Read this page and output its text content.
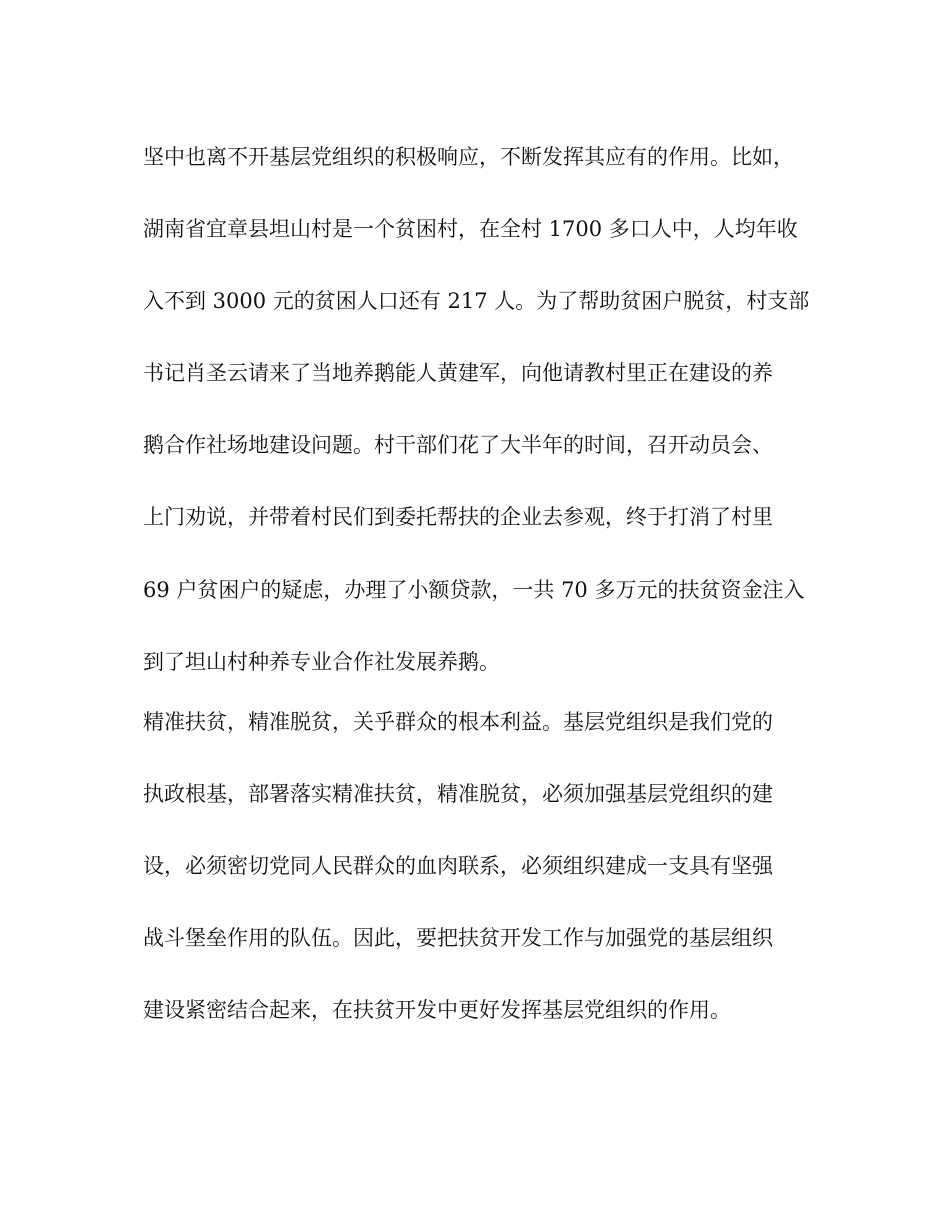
坚中也离不开基层党组织的积极响应，不断发挥其应有的作用。比如，
湖南省宜章县坦山村是一个贫困村，在全村 1700 多口人中，人均年收
入不到 3000 元的贫困人口还有 217 人。为了帮助贫困户脱贫，村支部
书记肖圣云请来了当地养鹅能人黄建军，向他请教村里正在建设的养
鹅合作社场地建设问题。村干部们花了大半年的时间，召开动员会、
上门劝说，并带着村民们到委托帮扶的企业去参观，终于打消了村里
69 户贫困户的疑虑，办理了小额贷款，一共 70 多万元的扶贫资金注入
到了坦山村种养专业合作社发展养鹅。
精准扶贫，精准脱贫，关乎群众的根本利益。基层党组织是我们党的
执政根基，部署落实精准扶贫，精准脱贫，必须加强基层党组织的建
设，必须密切党同人民群众的血肉联系，必须组织建成一支具有坚强
战斗堡垒作用的队伍。因此，要把扶贫开发工作与加强党的基层组织
建设紧密结合起来，在扶贫开发中更好发挥基层党组织的作用。
